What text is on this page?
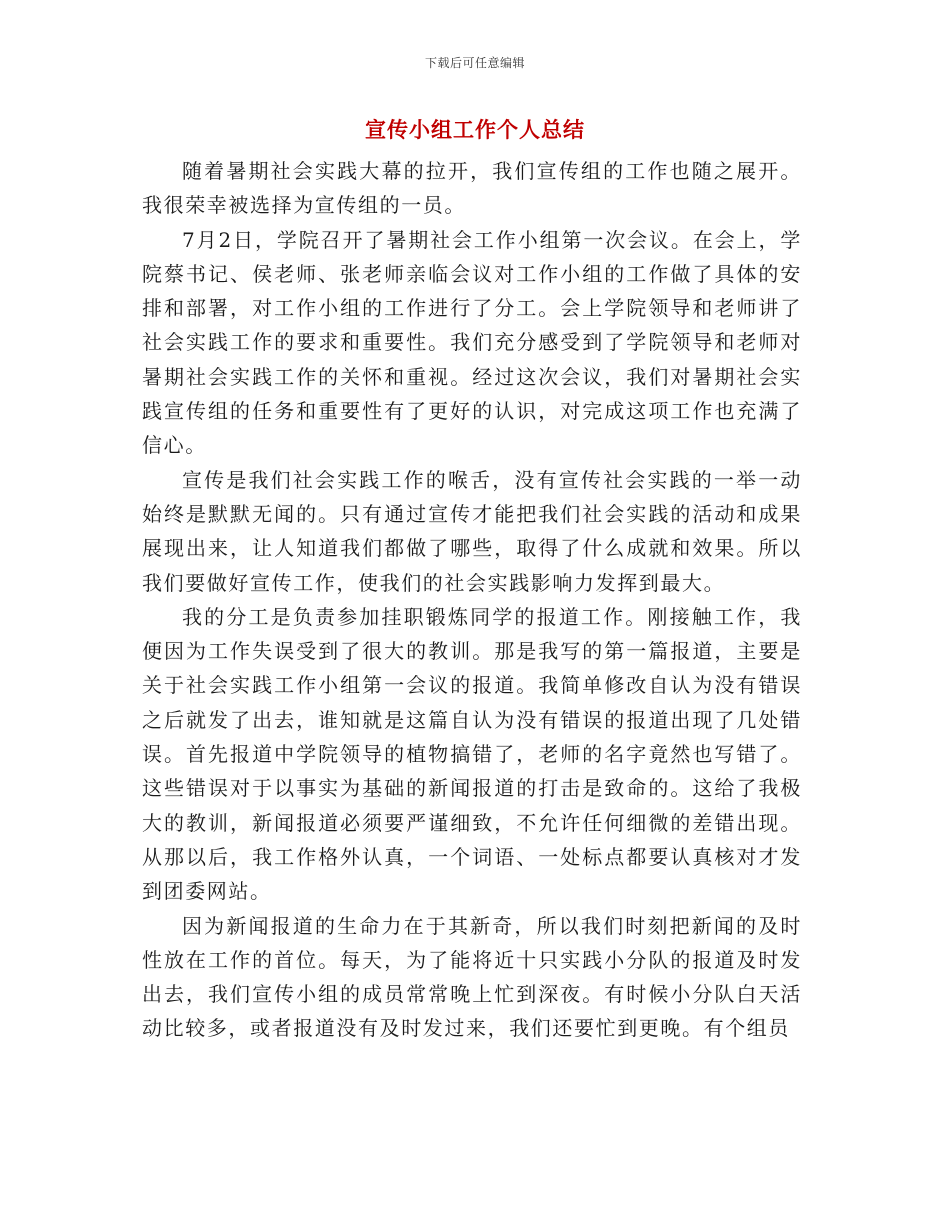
下载后可任意编辑
宣传小组工作个人总结

随着暑期社会实践大幕的拉开，我们宣传组的工作也随之展开。我很荣幸被选择为宣传组的一员。

7月2日，学院召开了暑期社会工作小组第一次会议。在会上，学院蔡书记、侯老师、张老师亲临会议对工作小组的工作做了具体的安排和部署，对工作小组的工作进行了分工。会上学院领导和老师讲了社会实践工作的要求和重要性。我们充分感受到了学院领导和老师对暑期社会实践工作的关怀和重视。经过这次会议，我们对暑期社会实践宣传组的任务和重要性有了更好的认识，对完成这项工作也充满了信心。

宣传是我们社会实践工作的喉舌，没有宣传社会实践的一举一动始终是默默无闻的。只有通过宣传才能把我们社会实践的活动和成果展现出来，让人知道我们都做了哪些，取得了什么成就和效果。所以我们要做好宣传工作，使我们的社会实践影响力发挥到最大。

我的分工是负责参加挂职锻炼同学的报道工作。刚接触工作，我便因为工作失误受到了很大的教训。那是我写的第一篇报道，主要是关于社会实践工作小组第一会议的报道。我简单修改自认为没有错误之后就发了出去，谁知就是这篇自认为没有错误的报道出现了几处错误。首先报道中学院领导的植物搞错了，老师的名字竟然也写错了。这些错误对于以事实为基础的新闻报道的打击是致命的。这给了我极大的教训，新闻报道必须要严谨细致，不允许任何细微的差错出现。从那以后，我工作格外认真，一个词语、一处标点都要认真核对才发到团委网站。

因为新闻报道的生命力在于其新奇，所以我们时刻把新闻的及时性放在工作的首位。每天，为了能将近十只实践小分队的报道及时发出去，我们宣传小组的成员常常晚上忙到深夜。有时候小分队白天活动比较多，或者报道没有及时发过来，我们还要忙到更晚。有个组员
